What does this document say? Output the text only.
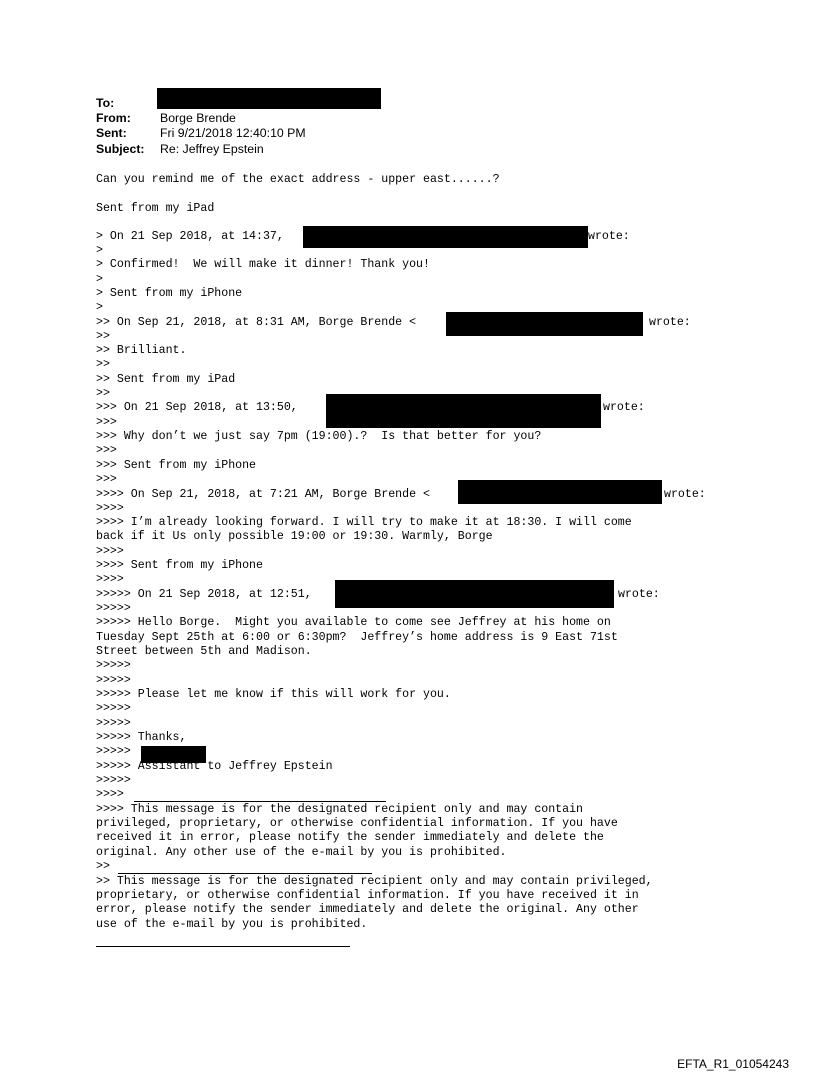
To:
From: Borge Brende
Sent:	Fri 9/21/2018 12:40:10 PM
Subject: Re: Jeffrey Epstein
Can you remind me of the exact address - upper east......?
Sent from my iPad
> On 21 Sep 2018, at 14:37,	wrote:
>
> Confirmed!  We will make it dinner! Thank you!
>
> Sent from my iPhone
>
>> On Sep 21, 2018, at 8:31 AM, Borge Brende <	wrote:
>>
>> Brilliant.
>>
>> Sent from my iPad
>>
>>> On 21 Sep 2018, at 13:50,	wrote:
>>>
>>> Why don’t we just say 7pm (19:00).?  Is that better for you?
>>>
>>> Sent from my iPhone
>>>
>>>> On Sep 21, 2018, at 7:21 AM, Borge Brende <	wrote:
>>>>
>>>> I’m already looking forward. I will try to make it at 18:30. I will come
back if it Us only possible 19:00 or 19:30. Warmly, Borge
>>>>
>>>> Sent from my iPhone
>>>>
>>>>> On 21 Sep 2018, at 12:51,	wrote:
>>>>>
>>>>> Hello Borge.  Might you available to come see Jeffrey at his home on
Tuesday Sept 25th at 6:00 or 6:30pm?  Jeffrey’s home address is 9 East 71st
Street between 5th and Madison.
>>>>>
>>>>>
>>>>> Please let me know if this will work for you.
>>>>>
>>>>>
>>>>> Thanks,
>>>>>
>>>>> Assistant to Jeffrey Epstein
>>>>>
>>>>
>>>> This message is for the designated recipient only and may contain
privileged, proprietary, or otherwise confidential information. If you have
received it in error, please notify the sender immediately and delete the
original. Any other use of the e-mail by you is prohibited.
>>
>> This message is for the designated recipient only and may contain privileged,
proprietary, or otherwise confidential information. If you have received it in
error, please notify the sender immediately and delete the original. Any other
use of the e-mail by you is prohibited.
EFTA_R1_01054243
